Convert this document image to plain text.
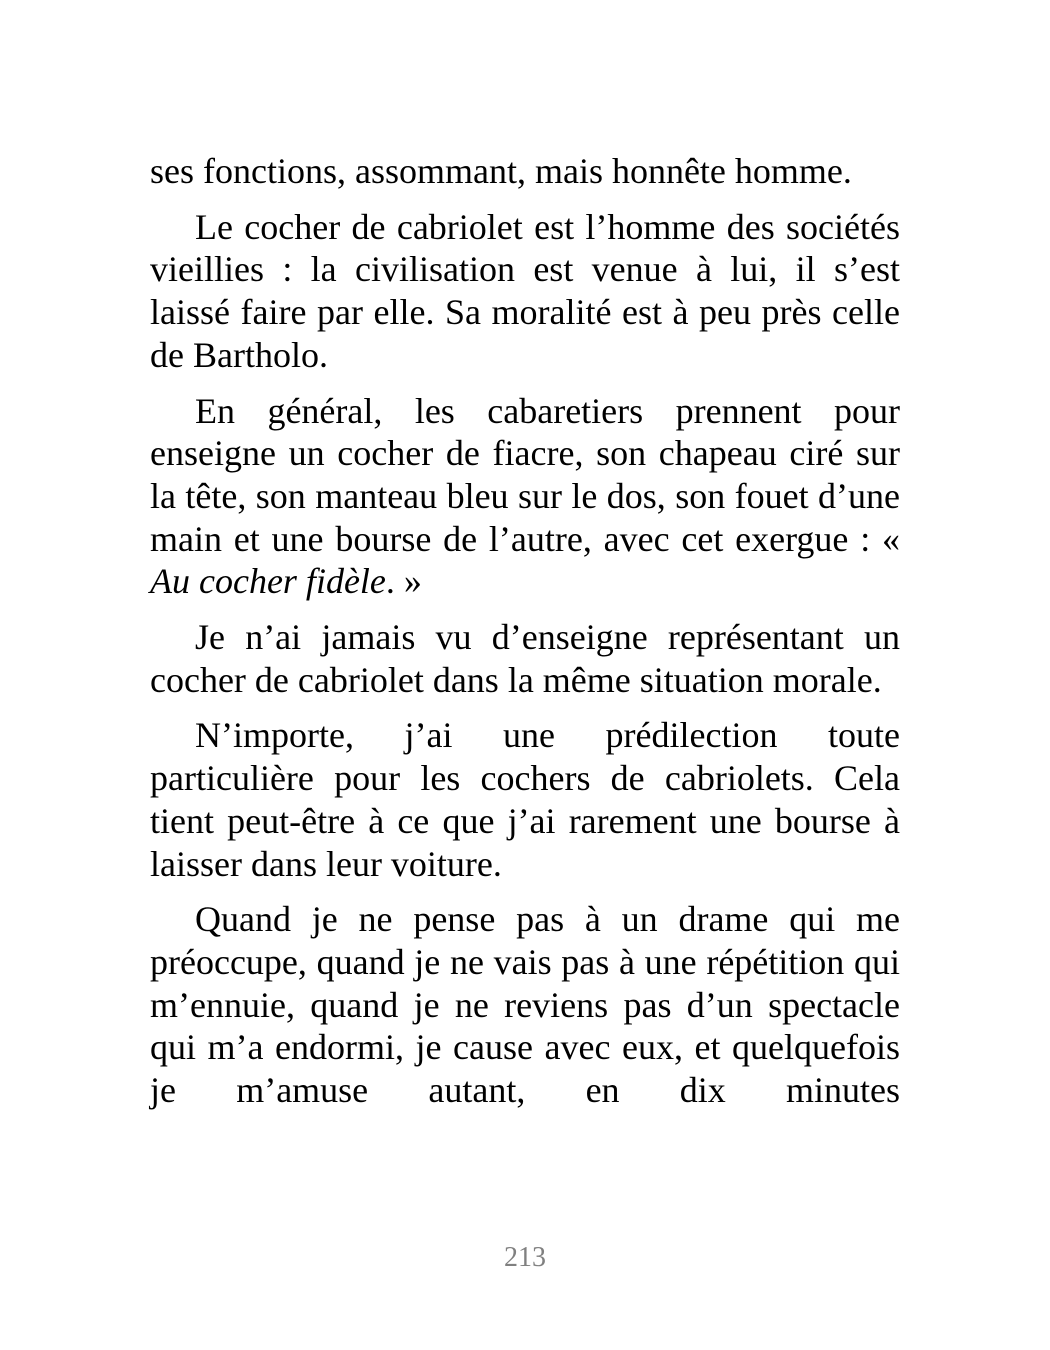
ses fonctions, assommant, mais honnête homme.

Le cocher de cabriolet est l’homme des sociétés vieillies : la civilisation est venue à lui, il s’est laissé faire par elle. Sa moralité est à peu près celle de Bartholo.

En général, les cabaretiers prennent pour enseigne un cocher de fiacre, son chapeau ciré sur la tête, son manteau bleu sur le dos, son fouet d’une main et une bourse de l’autre, avec cet exergue : « Au cocher fidèle. »

Je n’ai jamais vu d’enseigne représentant un cocher de cabriolet dans la même situation morale.

N’importe, j’ai une prédilection toute particulière pour les cochers de cabriolets. Cela tient peut-être à ce que j’ai rarement une bourse à laisser dans leur voiture.

Quand je ne pense pas à un drame qui me préoccupe, quand je ne vais pas à une répétition qui m’ennuie, quand je ne reviens pas d’un spectacle qui m’a endormi, je cause avec eux, et quelquefois je m’amuse autant, en dix minutes

213
